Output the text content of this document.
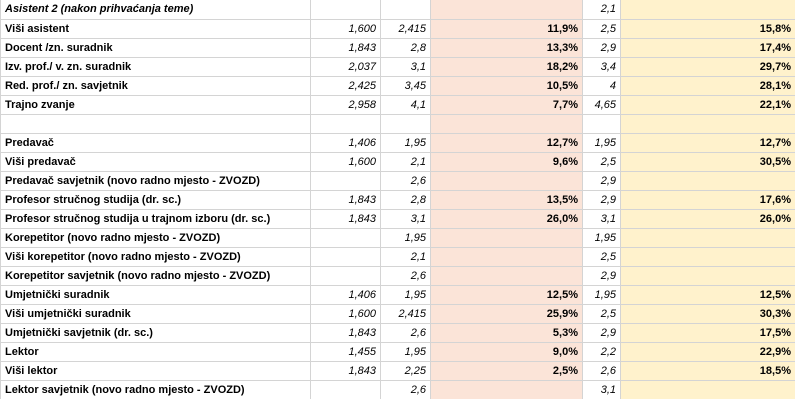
Asistent 2 (nakon prihvaćanja teme)				2,1	
Viši asistent	1,600	2,415	11,9%	2,5	15,8%
Docent /zn. suradnik	1,843	2,8	13,3%	2,9	17,4%
Izv. prof./ v. zn. suradnik	2,037	3,1	18,2%	3,4	29,7%
Red. prof./ zn. savjetnik	2,425	3,45	10,5%	4	28,1%
Trajno zvanje	2,958	4,1	7,7%	4,65	22,1%

Predavač	1,406	1,95	12,7%	1,95	12,7%
Viši predavač	1,600	2,1	9,6%	2,5	30,5%
Predavač savjetnik (novo radno mjesto - ZVOZD)		2,6		2,9	
Profesor stručnog studija (dr. sc.)	1,843	2,8	13,5%	2,9	17,6%
Profesor stručnog studija u trajnom izboru (dr. sc.)	1,843	3,1	26,0%	3,1	26,0%
Korepetitor (novo radno mjesto - ZVOZD)		1,95		1,95	
Viši korepetitor (novo radno mjesto - ZVOZD)		2,1		2,5	
Korepetitor savjetnik (novo radno mjesto - ZVOZD)		2,6		2,9	
Umjetnički suradnik	1,406	1,95	12,5%	1,95	12,5%
Viši umjetnički suradnik	1,600	2,415	25,9%	2,5	30,3%
Umjetnički savjetnik (dr. sc.)	1,843	2,6	5,3%	2,9	17,5%
Lektor	1,455	1,95	9,0%	2,2	22,9%
Viši lektor	1,843	2,25	2,5%	2,6	18,5%
Lektor savjetnik (novo radno mjesto - ZVOZD)		2,6		3,1	
